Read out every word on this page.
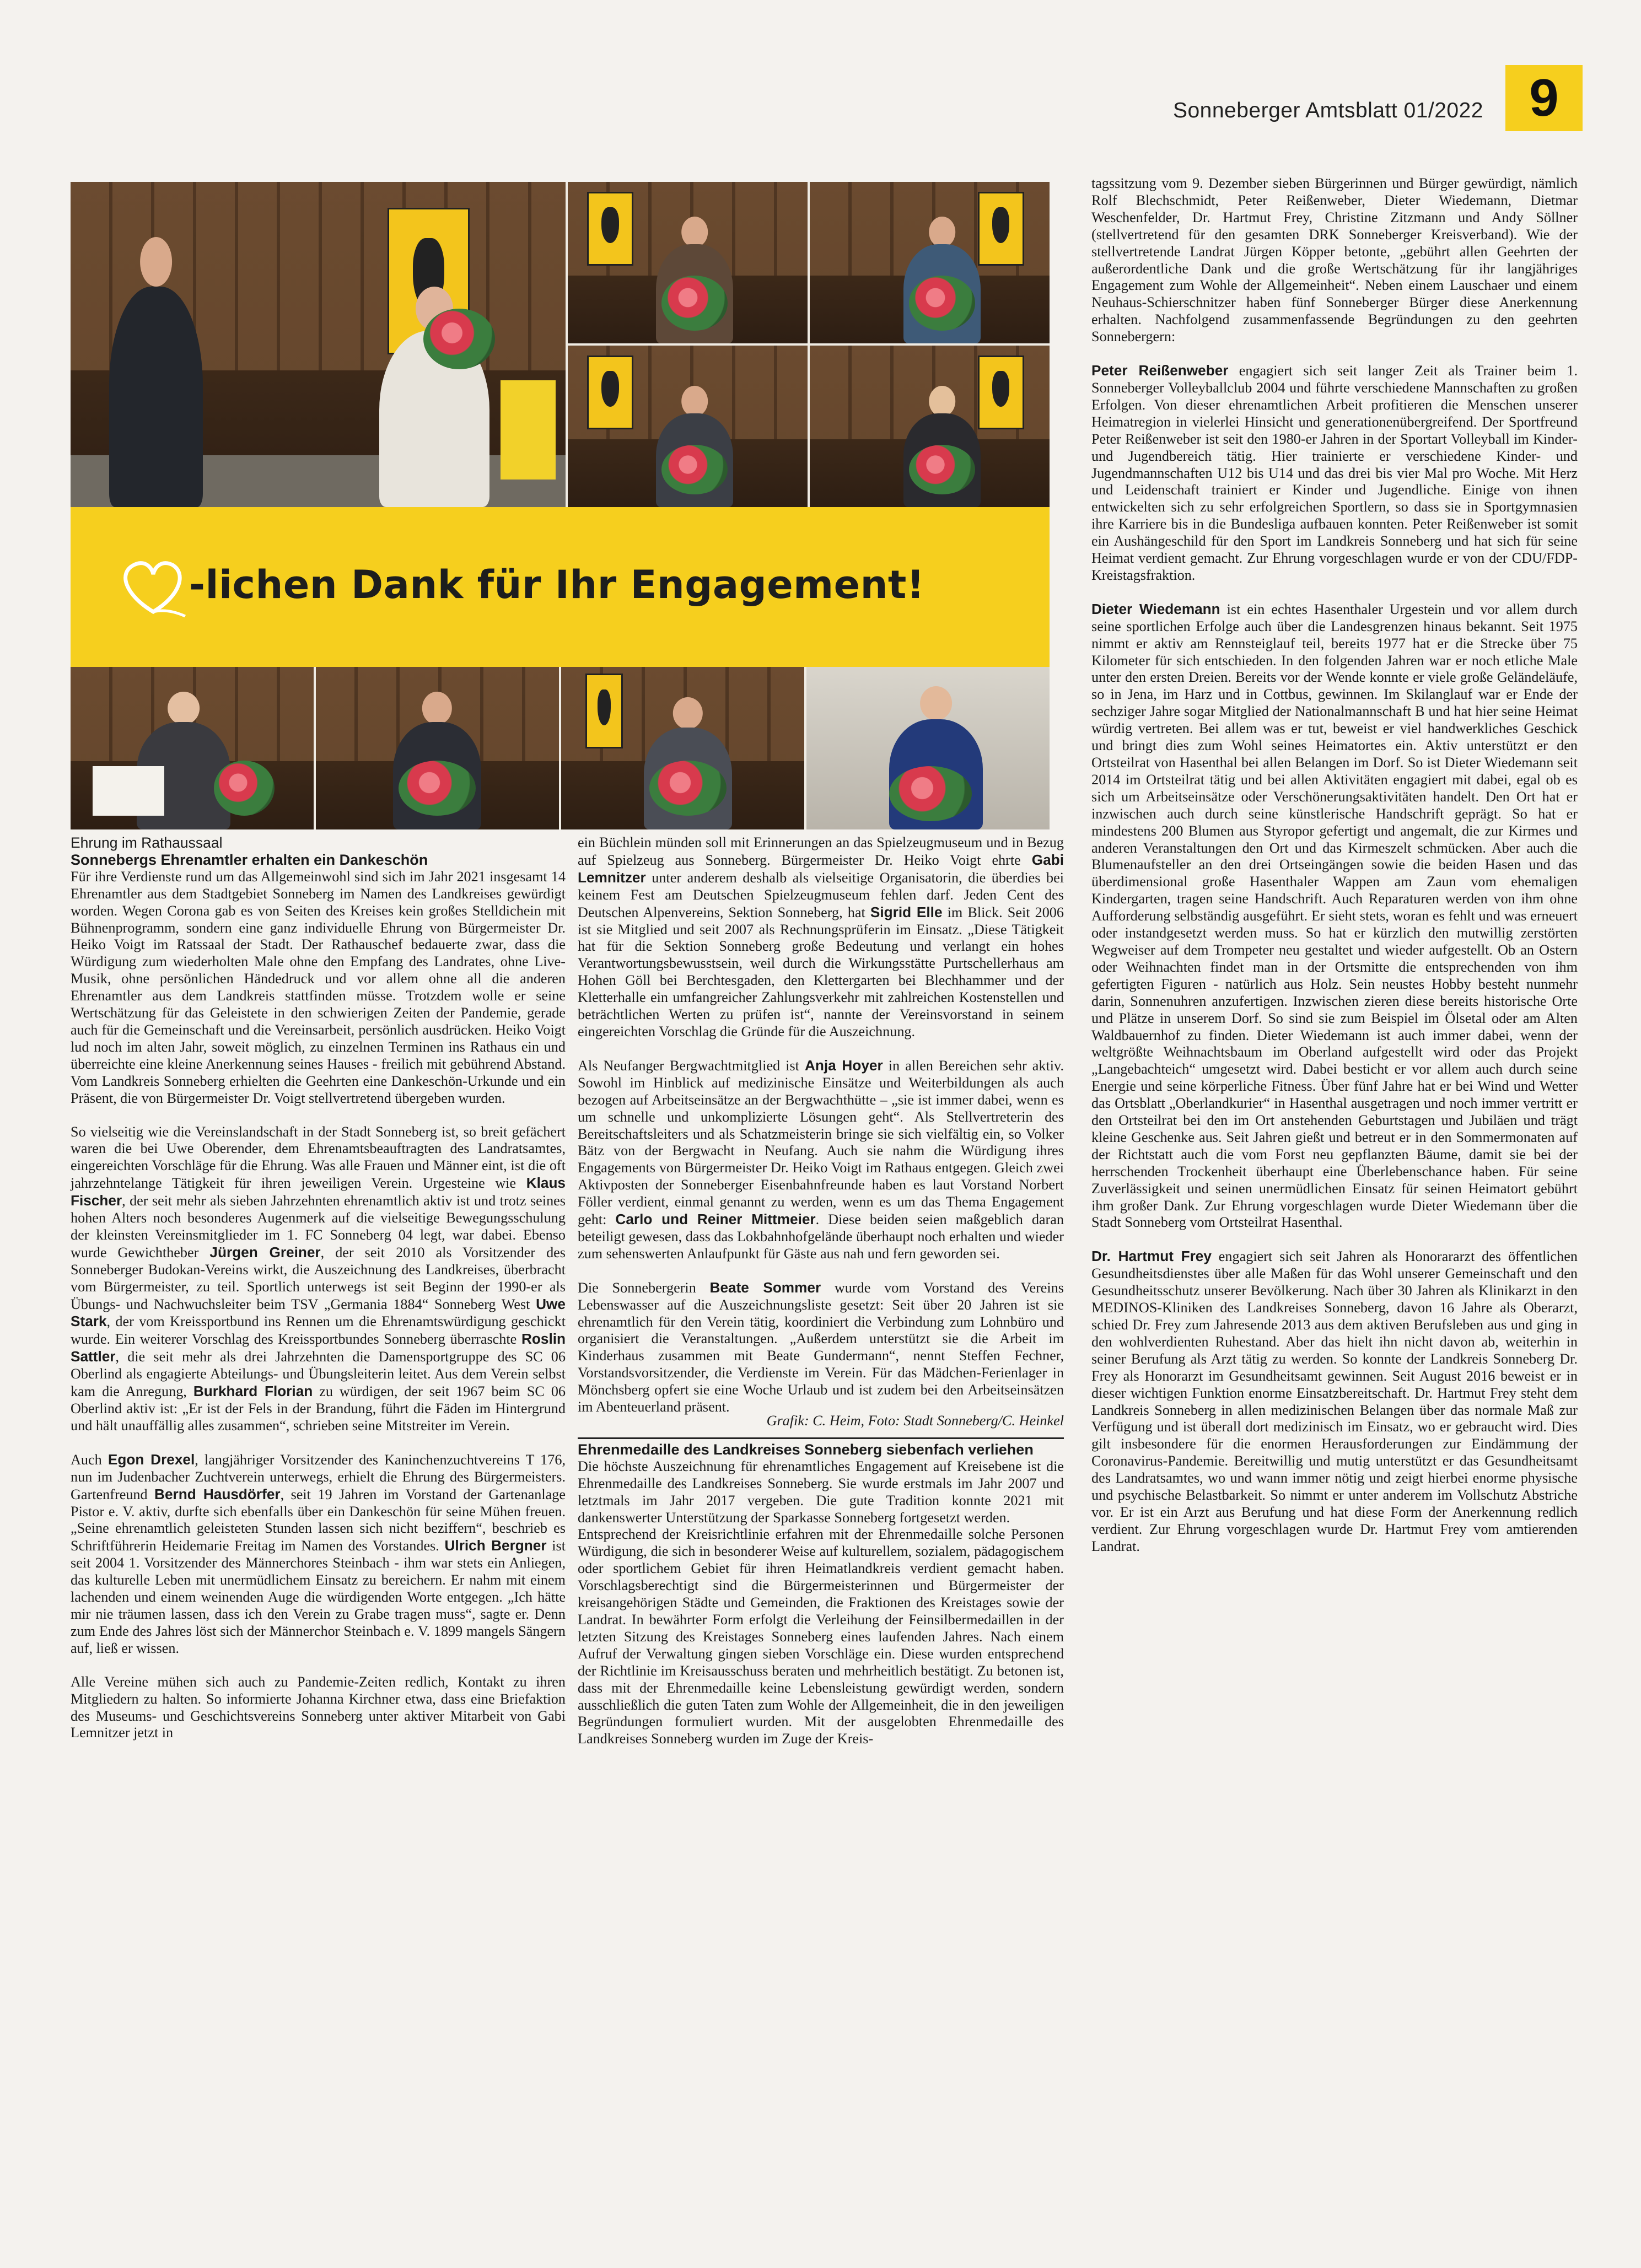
Sonneberger Amtsblatt 01/2022 9
-lichen Dank für Ihr Engagement!
Ehrung im Rathaussaal
Sonnebergs Ehrenamtler erhalten ein Dankeschön

Für ihre Verdienste rund um das Allgemeinwohl sind sich im Jahr 2021 insgesamt 14 Ehrenamtler aus dem Stadtgebiet Sonneberg im Namen des Landkreises gewürdigt worden. Wegen Corona gab es von Seiten des Kreises kein großes Stelldichein mit Bühnenprogramm, sondern eine ganz individuelle Ehrung von Bürgermeister Dr. Heiko Voigt im Ratssaal der Stadt. Der Rathauschef bedauerte zwar, dass die Würdigung zum wiederholten Male ohne den Empfang des Landrates, ohne Live-Musik, ohne persönlichen Händedruck und vor allem ohne all die anderen Ehrenamtler aus dem Landkreis stattfinden müsse. Trotzdem wolle er seine Wertschätzung für das Geleistete in den schwierigen Zeiten der Pandemie, gerade auch für die Gemeinschaft und die Vereinsarbeit, persönlich ausdrücken. Heiko Voigt lud noch im alten Jahr, soweit möglich, zu einzelnen Terminen ins Rathaus ein und überreichte eine kleine Anerkennung seines Hauses - freilich mit gebührend Abstand. Vom Landkreis Sonneberg erhielten die Geehrten eine Dankeschön-Urkunde und ein Präsent, die von Bürgermeister Dr. Voigt stellvertretend übergeben wurden.

So vielseitig wie die Vereinslandschaft in der Stadt Sonneberg ist, so breit gefächert waren die bei Uwe Oberender, dem Ehrenamtsbeauftragten des Landratsamtes, eingereichten Vorschläge für die Ehrung. Was alle Frauen und Männer eint, ist die oft jahrzehntelange Tätigkeit für ihren jeweiligen Verein. Urgesteine wie Klaus Fischer, der seit mehr als sieben Jahrzehnten ehrenamtlich aktiv ist und trotz seines hohen Alters noch besonderes Augenmerk auf die vielseitige Bewegungsschulung der kleinsten Vereinsmitglieder im 1. FC Sonneberg 04 legt, war dabei. Ebenso wurde Gewichtheber Jürgen Greiner, der seit 2010 als Vorsitzender des Sonneberger Budokan-Vereins wirkt, die Auszeichnung des Landkreises, überbracht vom Bürgermeister, zu teil. Sportlich unterwegs ist seit Beginn der 1990-er als Übungs- und Nachwuchsleiter beim TSV „Germania 1884“ Sonneberg West Uwe Stark, der vom Kreissportbund ins Rennen um die Ehrenamtswürdigung geschickt wurde. Ein weiterer Vorschlag des Kreissportbundes Sonneberg überraschte Roslin Sattler, die seit mehr als drei Jahrzehnten die Damensportgruppe des SC 06 Oberlind als engagierte Abteilungs- und Übungsleiterin leitet. Aus dem Verein selbst kam die Anregung, Burkhard Florian zu würdigen, der seit 1967 beim SC 06 Oberlind aktiv ist: „Er ist der Fels in der Brandung, führt die Fäden im Hintergrund und hält unauffällig alles zusammen“, schrieben seine Mitstreiter im Verein.

Auch Egon Drexel, langjähriger Vorsitzender des Kaninchenzuchtvereins T 176, nun im Judenbacher Zuchtverein unterwegs, erhielt die Ehrung des Bürgermeisters. Gartenfreund Bernd Hausdörfer, seit 19 Jahren im Vorstand der Gartenanlage Pistor e. V. aktiv, durfte sich ebenfalls über ein Dankeschön für seine Mühen freuen. „Seine ehrenamtlich geleisteten Stunden lassen sich nicht beziffern“, beschrieb es Schriftführerin Heidemarie Freitag im Namen des Vorstandes. Ulrich Bergner ist seit 2004 1. Vorsitzender des Männerchores Steinbach - ihm war stets ein Anliegen, das kulturelle Leben mit unermüdlichem Einsatz zu bereichern. Er nahm mit einem lachenden und einem weinenden Auge die würdigenden Worte entgegen. „Ich hätte mir nie träumen lassen, dass ich den Verein zu Grabe tragen muss“, sagte er. Denn zum Ende des Jahres löst sich der Männerchor Steinbach e. V. 1899 mangels Sängern auf, ließ er wissen.

Alle Vereine mühen sich auch zu Pandemie-Zeiten redlich, Kontakt zu ihren Mitgliedern zu halten. So informierte Johanna Kirchner etwa, dass eine Briefaktion des Museums- und Geschichtsvereins Sonneberg unter aktiver Mitarbeit von Gabi Lemnitzer jetzt in

ein Büchlein münden soll mit Erinnerungen an das Spielzeugmuseum und in Bezug auf Spielzeug aus Sonneberg. Bürgermeister Dr. Heiko Voigt ehrte Gabi Lemnitzer unter anderem deshalb als vielseitige Organisatorin, die überdies bei keinem Fest am Deutschen Spielzeugmuseum fehlen darf. Jeden Cent des Deutschen Alpenvereins, Sektion Sonneberg, hat Sigrid Elle im Blick. Seit 2006 ist sie Mitglied und seit 2007 als Rechnungsprüferin im Einsatz. „Diese Tätigkeit hat für die Sektion Sonneberg große Bedeutung und verlangt ein hohes Verantwortungsbewusstsein, weil durch die Wirkungsstätte Purtschellerhaus am Hohen Göll bei Berchtesgaden, den Klettergarten bei Blechhammer und der Kletterhalle ein umfangreicher Zahlungsverkehr mit zahlreichen Kostenstellen und beträchtlichen Werten zu prüfen ist“, nannte der Vereinsvorstand in seinem eingereichten Vorschlag die Gründe für die Auszeichnung.

Als Neufanger Bergwachtmitglied ist Anja Hoyer in allen Bereichen sehr aktiv. Sowohl im Hinblick auf medizinische Einsätze und Weiterbildungen als auch bezogen auf Arbeitseinsätze an der Bergwachthütte – „sie ist immer dabei, wenn es um schnelle und unkomplizierte Lösungen geht“. Als Stellvertreterin des Bereitschaftsleiters und als Schatzmeisterin bringe sie sich vielfältig ein, so Volker Bätz von der Bergwacht in Neufang. Auch sie nahm die Würdigung ihres Engagements von Bürgermeister Dr. Heiko Voigt im Rathaus entgegen. Gleich zwei Aktivposten der Sonneberger Eisenbahnfreunde haben es laut Vorstand Norbert Föller verdient, einmal genannt zu werden, wenn es um das Thema Engagement geht: Carlo und Reiner Mittmeier. Diese beiden seien maßgeblich daran beteiligt gewesen, dass das Lokbahnhofgelände überhaupt noch erhalten und wieder zum sehenswerten Anlaufpunkt für Gäste aus nah und fern geworden sei.

Die Sonnebergerin Beate Sommer wurde vom Vorstand des Vereins Lebenswasser auf die Auszeichnungsliste gesetzt: Seit über 20 Jahren ist sie ehrenamtlich für den Verein tätig, koordiniert die Verbindung zum Lohnbüro und organisiert die Veranstaltungen. „Außerdem unterstützt sie die Arbeit im Kinderhaus zusammen mit Beate Gundermann“, nennt Steffen Fechner, Vorstandsvorsitzender, die Verdienste im Verein. Für das Mädchen-Ferienlager in Mönchsberg opfert sie eine Woche Urlaub und ist zudem bei den Arbeitseinsätzen im Abenteuerland präsent.

Grafik: C. Heim, Foto: Stadt Sonneberg/C. Heinkel
Ehrenmedaille des Landkreises Sonneberg siebenfach verliehen

Die höchste Auszeichnung für ehrenamtliches Engagement auf Kreisebene ist die Ehrenmedaille des Landkreises Sonneberg. Sie wurde erstmals im Jahr 2007 und letztmals im Jahr 2017 vergeben. Die gute Tradition konnte 2021 mit dankenswerter Unterstützung der Sparkasse Sonneberg fortgesetzt werden.

Entsprechend der Kreisrichtlinie erfahren mit der Ehrenmedaille solche Personen Würdigung, die sich in besonderer Weise auf kulturellem, sozialem, pädagogischem oder sportlichem Gebiet für ihren Heimatlandkreis verdient gemacht haben. Vorschlagsberechtigt sind die Bürgermeisterinnen und Bürgermeister der kreisangehörigen Städte und Gemeinden, die Fraktionen des Kreistages sowie der Landrat. In bewährter Form erfolgt die Verleihung der Feinsilbermedaillen in der letzten Sitzung des Kreistages Sonneberg eines laufenden Jahres. Nach einem Aufruf der Verwaltung gingen sieben Vorschläge ein. Diese wurden entsprechend der Richtlinie im Kreisausschuss beraten und mehrheitlich bestätigt. Zu betonen ist, dass mit der Ehrenmedaille keine Lebensleistung gewürdigt werden, sondern ausschließlich die guten Taten zum Wohle der Allgemeinheit, die in den jeweiligen Begründungen formuliert wurden. Mit der ausgelobten Ehrenmedaille des Landkreises Sonneberg wurden im Zuge der Kreis-

tagssitzung vom 9. Dezember sieben Bürgerinnen und Bürger gewürdigt, nämlich Rolf Blechschmidt, Peter Reißenweber, Dieter Wiedemann, Dietmar Weschenfelder, Dr. Hartmut Frey, Christine Zitzmann und Andy Söllner (stellvertretend für den gesamten DRK Sonneberger Kreisverband). Wie der stellvertretende Landrat Jürgen Köpper betonte, „gebührt allen Geehrten der außerordentliche Dank und die große Wertschätzung für ihr langjähriges Engagement zum Wohle der Allgemeinheit“. Neben einem Lauschaer und einem Neuhaus-Schierschnitzer haben fünf Sonneberger Bürger diese Anerkennung erhalten. Nachfolgend zusammenfassende Begründungen zu den geehrten Sonnebergern:

Peter Reißenweber engagiert sich seit langer Zeit als Trainer beim 1. Sonneberger Volleyballclub 2004 und führte verschiedene Mannschaften zu großen Erfolgen. Von dieser ehrenamtlichen Arbeit profitieren die Menschen unserer Heimatregion in vielerlei Hinsicht und generationenübergreifend. Der Sportfreund Peter Reißenweber ist seit den 1980-er Jahren in der Sportart Volleyball im Kinder- und Jugendbereich tätig. Hier trainierte er verschiedene Kinder- und Jugendmannschaften U12 bis U14 und das drei bis vier Mal pro Woche. Mit Herz und Leidenschaft trainiert er Kinder und Jugendliche. Einige von ihnen entwickelten sich zu sehr erfolgreichen Sportlern, so dass sie in Sportgymnasien ihre Karriere bis in die Bundesliga aufbauen konnten. Peter Reißenweber ist somit ein Aushängeschild für den Sport im Landkreis Sonneberg und hat sich für seine Heimat verdient gemacht. Zur Ehrung vorgeschlagen wurde er von der CDU/FDP-Kreistagsfraktion.

Dieter Wiedemann ist ein echtes Hasenthaler Urgestein und vor allem durch seine sportlichen Erfolge auch über die Landesgrenzen hinaus bekannt. Seit 1975 nimmt er aktiv am Rennsteiglauf teil, bereits 1977 hat er die Strecke über 75 Kilometer für sich entschieden. In den folgenden Jahren war er noch etliche Male unter den ersten Dreien. Bereits vor der Wende konnte er viele große Geländeläufe, so in Jena, im Harz und in Cottbus, gewinnen. Im Skilanglauf war er Ende der sechziger Jahre sogar Mitglied der Nationalmannschaft B und hat hier seine Heimat würdig vertreten. Bei allem was er tut, beweist er viel handwerkliches Geschick und bringt dies zum Wohl seines Heimatortes ein. Aktiv unterstützt er den Ortsteilrat von Hasenthal bei allen Belangen im Dorf. So ist Dieter Wiedemann seit 2014 im Ortsteilrat tätig und bei allen Aktivitäten engagiert mit dabei, egal ob es sich um Arbeitseinsätze oder Verschönerungsaktivitäten handelt. Den Ort hat er inzwischen auch durch seine künstlerische Handschrift geprägt. So hat er mindestens 200 Blumen aus Styropor gefertigt und angemalt, die zur Kirmes und anderen Veranstaltungen den Ort und das Kirmeszelt schmücken. Aber auch die Blumenaufsteller an den drei Ortseingängen sowie die beiden Hasen und das überdimensional große Hasenthaler Wappen am Zaun vom ehemaligen Kindergarten, tragen seine Handschrift. Auch Reparaturen werden von ihm ohne Aufforderung selbständig ausgeführt. Er sieht stets, woran es fehlt und was erneuert oder instandgesetzt werden muss. So hat er kürzlich den mutwillig zerstörten Wegweiser auf dem Trompeter neu gestaltet und wieder aufgestellt. Ob an Ostern oder Weihnachten findet man in der Ortsmitte die entsprechenden von ihm gefertigten Figuren - natürlich aus Holz. Sein neustes Hobby besteht nunmehr darin, Sonnenuhren anzufertigen. Inzwischen zieren diese bereits historische Orte und Plätze in unserem Dorf. So sind sie zum Beispiel im Ölsetal oder am Alten Waldbauernhof zu finden. Dieter Wiedemann ist auch immer dabei, wenn der weltgrößte Weihnachtsbaum im Oberland aufgestellt wird oder das Projekt „Langebachteich“ umgesetzt wird. Dabei besticht er vor allem auch durch seine Energie und seine körperliche Fitness. Über fünf Jahre hat er bei Wind und Wetter das Ortsblatt „Oberlandkurier“ in Hasenthal ausgetragen und noch immer vertritt er den Ortsteilrat bei den im Ort anstehenden Geburtstagen und Jubiläen und trägt kleine Geschenke aus. Seit Jahren gießt und betreut er in den Sommermonaten auf der Richtstatt auch die vom Forst neu gepflanzten Bäume, damit sie bei der herrschenden Trockenheit überhaupt eine Überlebenschance haben. Für seine Zuverlässigkeit und seinen unermüdlichen Einsatz für seinen Heimatort gebührt ihm großer Dank. Zur Ehrung vorgeschlagen wurde Dieter Wiedemann über die Stadt Sonneberg vom Ortsteilrat Hasenthal.

Dr. Hartmut Frey engagiert sich seit Jahren als Honorararzt des öffentlichen Gesundheitsdienstes über alle Maßen für das Wohl unserer Gemeinschaft und den Gesundheitsschutz unserer Bevölkerung. Nach über 30 Jahren als Klinikarzt in den MEDINOS-Kliniken des Landkreises Sonneberg, davon 16 Jahre als Oberarzt, schied Dr. Frey zum Jahresende 2013 aus dem aktiven Berufsleben aus und ging in den wohlverdienten Ruhestand. Aber das hielt ihn nicht davon ab, weiterhin in seiner Berufung als Arzt tätig zu werden. So konnte der Landkreis Sonneberg Dr. Frey als Honorarzt im Gesundheitsamt gewinnen. Seit August 2016 beweist er in dieser wichtigen Funktion enorme Einsatzbereitschaft. Dr. Hartmut Frey steht dem Landkreis Sonneberg in allen medizinischen Belangen über das normale Maß zur Verfügung und ist überall dort medizinisch im Einsatz, wo er gebraucht wird. Dies gilt insbesondere für die enormen Herausforderungen zur Eindämmung der Coronavirus-Pandemie. Bereitwillig und mutig unterstützt er das Gesundheitsamt des Landratsamtes, wo und wann immer nötig und zeigt hierbei enorme physische und psychische Belastbarkeit. So nimmt er unter anderem im Vollschutz Abstriche vor. Er ist ein Arzt aus Berufung und hat diese Form der Anerkennung redlich verdient. Zur Ehrung vorgeschlagen wurde Dr. Hartmut Frey vom amtierenden Landrat.
